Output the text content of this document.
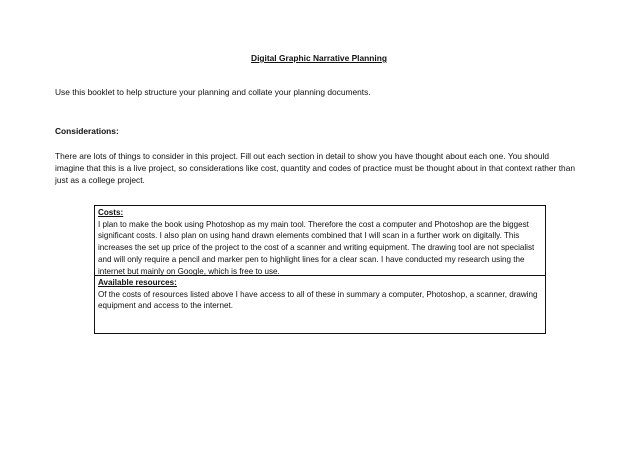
Digital Graphic Narrative Planning
Use this booklet to help structure your planning and collate your planning documents.
Considerations:
There are lots of things to consider in this project. Fill out each section in detail to show you have thought about each one. You should imagine that this is a live project, so considerations like cost, quantity and codes of practice must be thought about in that context rather than just as a college project.
Costs:
I plan to make the book using Photoshop as my main tool. Therefore the cost a computer and Photoshop are the biggest significant costs. I also plan on using hand drawn elements combined that I will scan in a further work on digitally. This increases the set up price of the project to the cost of a scanner and writing equipment. The drawing tool are not specialist and will only require a pencil and marker pen to highlight lines for a clear scan. I have conducted my research using the internet but mainly on Google, which is free to use.
Available resources:
Of the costs of resources listed above I have access to all of these in summary a computer, Photoshop, a scanner, drawing equipment and access to the internet.
